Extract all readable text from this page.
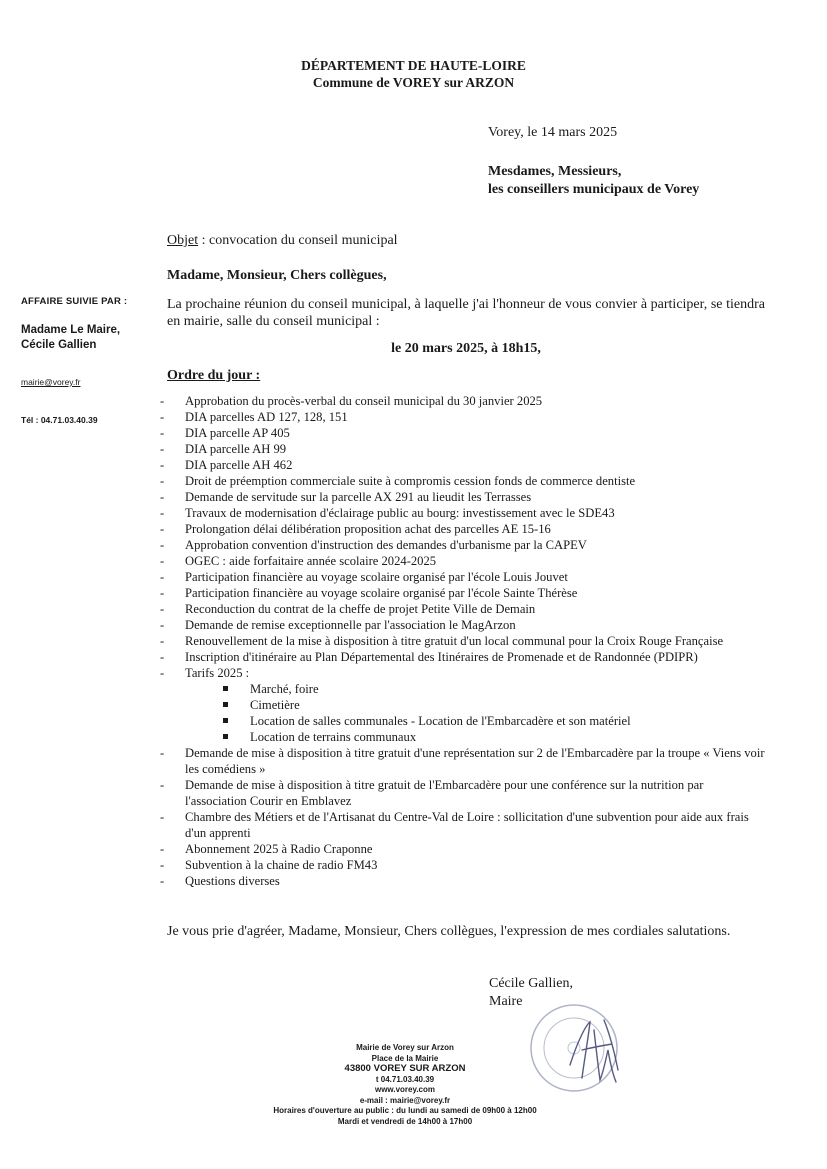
DÉPARTEMENT DE HAUTE-LOIRE
Commune de VOREY sur ARZON
Vorey, le 14 mars 2025
Mesdames, Messieurs,
les conseillers municipaux de Vorey
AFFAIRE SUIVIE PAR :
Madame Le Maire,
Cécile Gallien
mairie@vorey.fr
Tél : 04.71.03.40.39
Objet : convocation du conseil municipal
Madame, Monsieur, Chers collègues,
La prochaine réunion du conseil municipal, à laquelle j'ai l'honneur de vous convier à participer, se tiendra en mairie, salle du conseil municipal :
le 20 mars 2025, à 18h15,
Ordre du jour :
- Approbation du procès-verbal du conseil municipal du 30 janvier 2025
- DIA parcelles AD 127, 128, 151
- DIA parcelle AP 405
- DIA parcelle AH 99
- DIA parcelle AH 462
- Droit de préemption commerciale suite à compromis cession fonds de commerce dentiste
- Demande de servitude sur la parcelle AX 291 au lieudit les Terrasses
- Travaux de modernisation d'éclairage public au bourg: investissement avec le SDE43
- Prolongation délai délibération proposition achat des parcelles AE 15-16
- Approbation convention d'instruction des demandes d'urbanisme par la CAPEV
- OGEC : aide forfaitaire année scolaire 2024-2025
- Participation financière au voyage scolaire organisé par l'école Louis Jouvet
- Participation financière au voyage scolaire organisé par l'école Sainte Thérèse
- Reconduction du contrat de la cheffe de projet Petite Ville de Demain
- Demande de remise exceptionnelle par l'association le MagArzon
- Renouvellement de la mise à disposition à titre gratuit d'un local communal pour la Croix Rouge Française
- Inscription d'itinéraire au Plan Départemental des Itinéraires de Promenade et de Randonnée (PDIPR)
- Tarifs 2025 :
Marché, foire
Cimetière
Location de salles communales - Location de l'Embarcadère et son matériel
Location de terrains communaux
- Demande de mise à disposition à titre gratuit d'une représentation sur 2 de l'Embarcadère par la troupe « Viens voir les comédiens »
- Demande de mise à disposition à titre gratuit de l'Embarcadère pour une conférence sur la nutrition par l'association Courir en Emblavez
- Chambre des Métiers et de l'Artisanat du Centre-Val de Loire : sollicitation d'une subvention pour aide aux frais d'un apprenti
- Abonnement 2025 à Radio Craponne
- Subvention à la chaine de radio FM43
- Questions diverses
Je vous prie d'agréer, Madame, Monsieur, Chers collègues, l'expression de mes cordiales salutations.
Cécile Gallien,
Maire
Mairie de Vorey sur Arzon
Place de la Mairie
43800 VOREY SUR ARZON
t 04.71.03.40.39
www.vorey.com
e-mail : mairie@vorey.fr
Horaires d'ouverture au public : du lundi au samedi de 09h00 à 12h00
Mardi et vendredi de 14h00 à 17h00
